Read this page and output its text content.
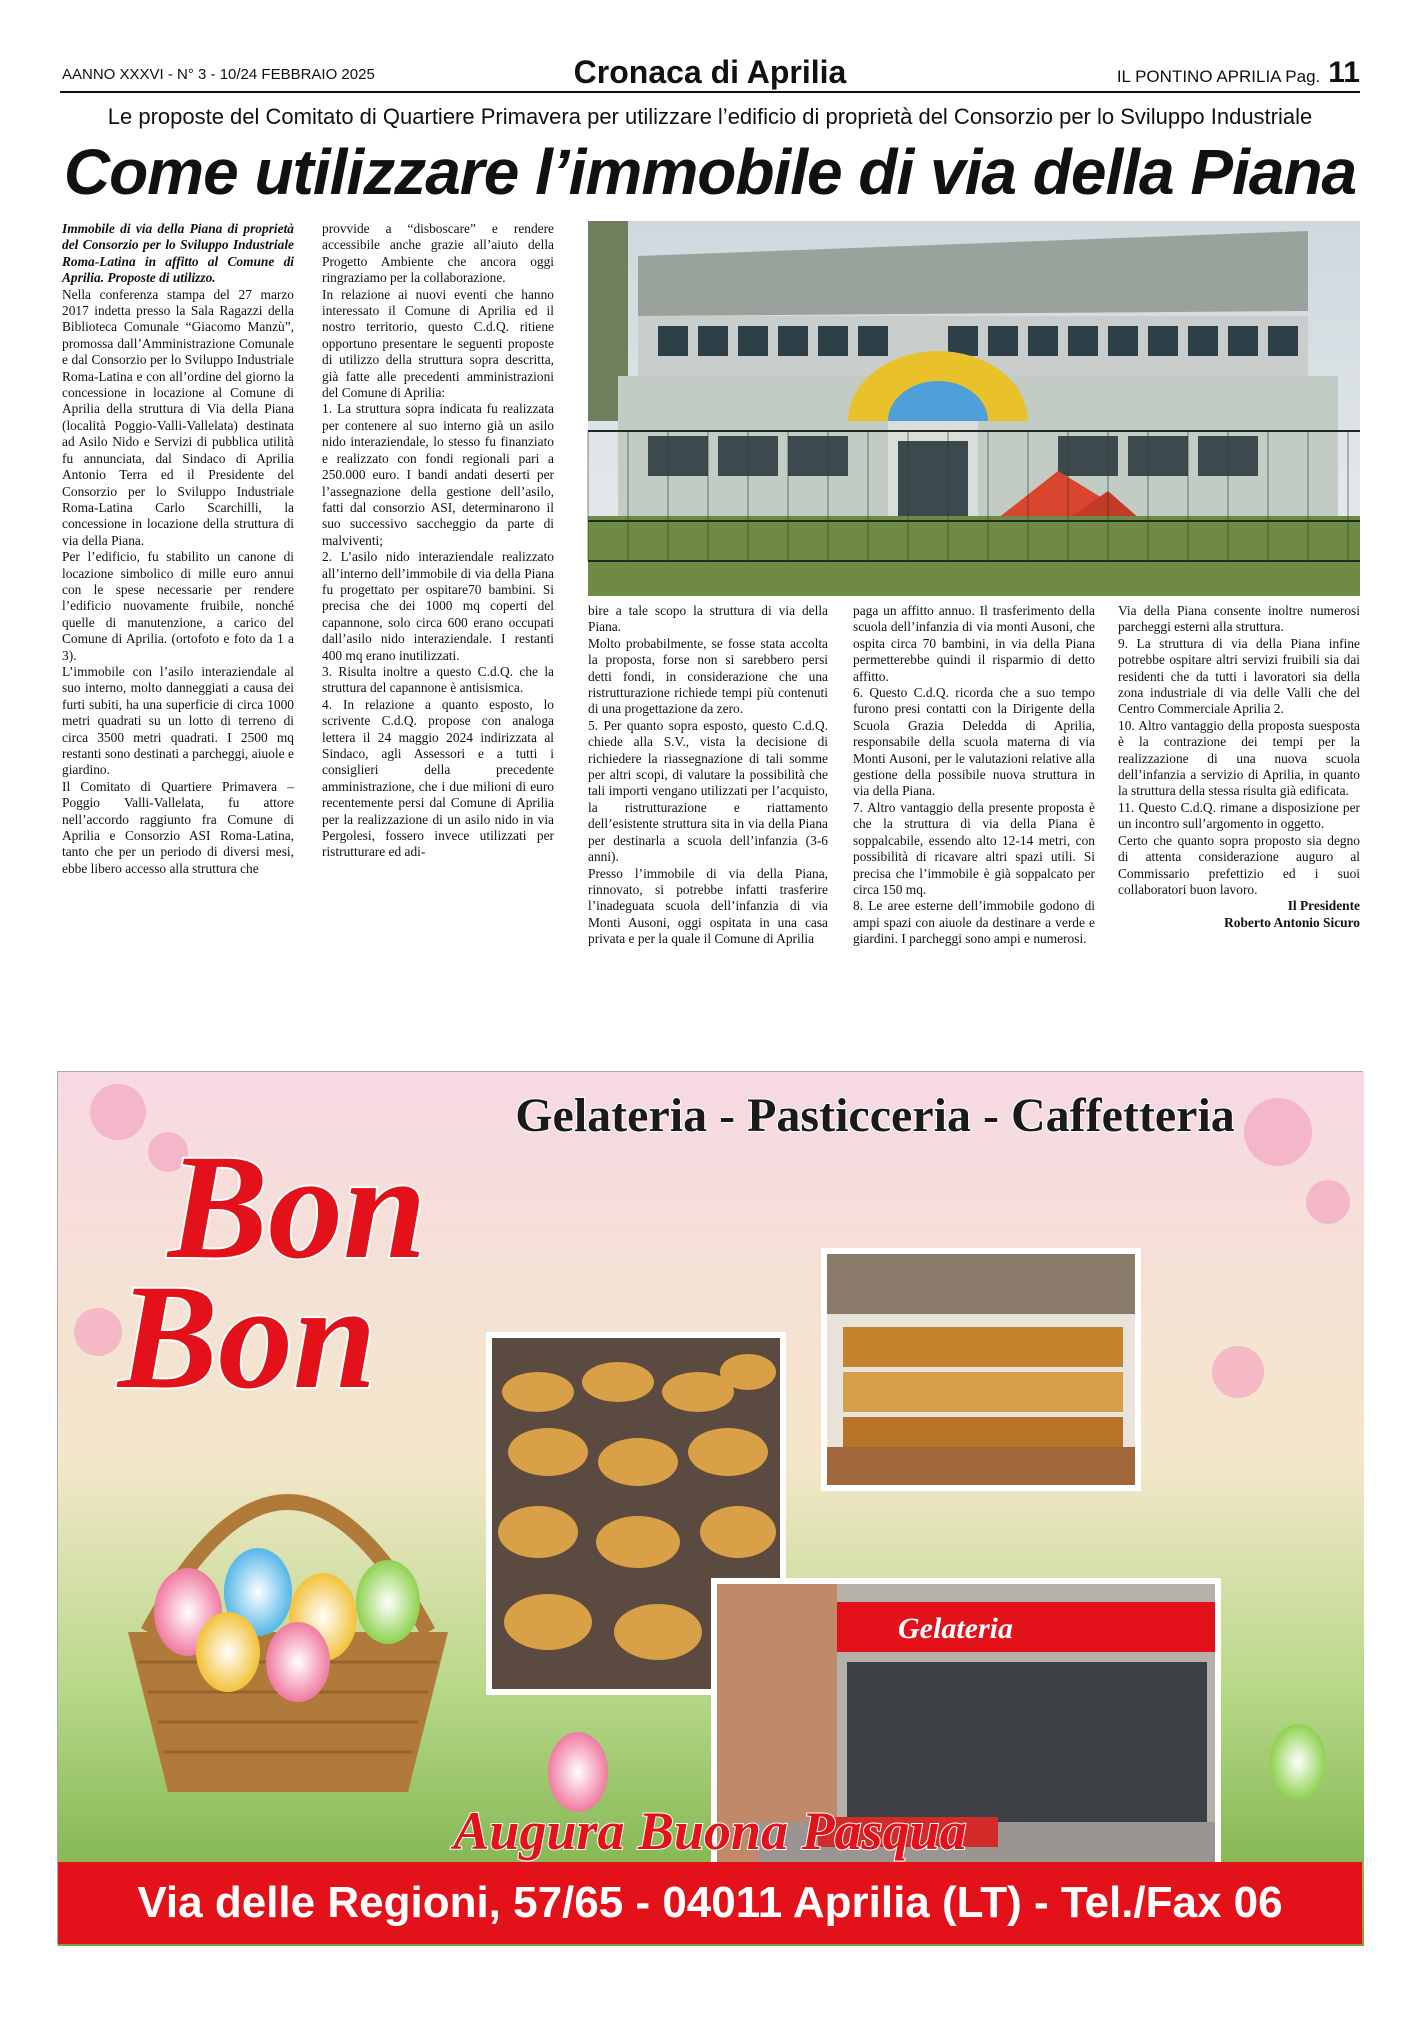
AANNO XXXVI - N° 3 - 10/24 FEBBRAIO 2025	Cronaca di Aprilia	IL PONTINO APRILIA Pag. 11
Le proposte del Comitato di Quartiere Primavera per utilizzare l’edificio di proprietà del Consorzio per lo Sviluppo Industriale
Come utilizzare l’immobile di via della Piana

Immobile di via della Piana di proprietà del Consorzio per lo Sviluppo Industriale Roma-Latina in affitto al Comune di Aprilia. Proposte di utilizzo.

Nella conferenza stampa del 27 marzo 2017 indetta presso la Sala Ragazzi della Biblioteca Comunale “Giacomo Manzù”, promossa dall’Amministrazione Comunale e dal Consorzio per lo Sviluppo Industriale Roma-Latina e con all’ordine del giorno la concessione in locazione al Comune di Aprilia della struttura di Via della Piana (località Poggio-Valli-Vallelata) destinata ad Asilo Nido e Servizi di pubblica utilità fu annunciata, dal Sindaco di Aprilia Antonio Terra ed il Presidente del Consorzio per lo Sviluppo Industriale Roma-Latina Carlo Scarchilli, la concessione in locazione della struttura di via della Piana.

Per l’edificio, fu stabilito un canone di locazione simbolico di mille euro annui con le spese necessarie per rendere l’edificio nuovamente fruibile, nonché quelle di manutenzione, a carico del Comune di Aprilia. (ortofoto e foto da 1 a 3).

L’immobile con l’asilo interaziendale al suo interno, molto danneggiati a causa dei furti subiti, ha una superficie di circa 1000 metri quadrati su un lotto di terreno di circa 3500 metri quadrati. I 2500 mq restanti sono destinati a parcheggi, aiuole e giardino.

Il Comitato di Quartiere Primavera – Poggio Valli-Vallelata, fu attore nell’accordo raggiunto fra Comune di Aprilia e Consorzio ASI Roma-Latina, tanto che per un periodo di diversi mesi, ebbe libero accesso alla struttura che

provvide a “disboscare” e rendere accessibile anche grazie all’aiuto della Progetto Ambiente che ancora oggi ringraziamo per la collaborazione.

In relazione ai nuovi eventi che hanno interessato il Comune di Aprilia ed il nostro territorio, questo C.d.Q. ritiene opportuno presentare le seguenti proposte di utilizzo della struttura sopra descritta, già fatte alle precedenti amministrazioni del Comune di Aprilia:

1. La struttura sopra indicata fu realizzata per contenere al suo interno già un asilo nido interaziendale, lo stesso fu finanziato e realizzato con fondi regionali pari a 250.000 euro. I bandi andati deserti per l’assegnazione della gestione dell’asilo, fatti dal consorzio ASI, determinarono il suo successivo saccheggio da parte di malviventi;

2. L’asilo nido interaziendale realizzato all’interno dell’immobile di via della Piana fu progettato per ospitare70 bambini. Si precisa che dei 1000 mq coperti del capannone, solo circa 600 erano occupati dall’asilo nido interaziendale. I restanti 400 mq erano inutilizzati.

3. Risulta inoltre a questo C.d.Q. che la struttura del capannone è antisismica.

4. In relazione a quanto esposto, lo scrivente C.d.Q. propose con analoga lettera il 24 maggio 2024 indirizzata al Sindaco, agli Assessori e a tutti i consiglieri della precedente amministrazione, che i due milioni di euro recentemente persi dal Comune di Aprilia per la realizzazione di un asilo nido in via Pergolesi, fossero invece utilizzati per ristrutturare ed adi-

bire a tale scopo la struttura di via della Piana.

Molto probabilmente, se fosse stata accolta la proposta, forse non si sarebbero persi detti fondi, in considerazione che una ristrutturazione richiede tempi più contenuti di una progettazione da zero.

5. Per quanto sopra esposto, questo C.d.Q. chiede alla S.V., vista la decisione di richiedere la riassegnazione di tali somme per altri scopi, di valutare la possibilità che tali importi vengano utilizzati per l’acquisto, la ristrutturazione e riattamento dell’esistente struttura sita in via della Piana per destinarla a scuola dell’infanzia (3-6 anni).

Presso l’immobile di via della Piana, rinnovato, si potrebbe infatti trasferire l’inadeguata scuola dell’infanzia di via Monti Ausoni, oggi ospitata in una casa privata e per la quale il Comune di Aprilia

paga un affitto annuo. Il trasferimento della scuola dell’infanzia di via monti Ausoni, che ospita circa 70 bambini, in via della Piana permetterebbe quindi il risparmio di detto affitto.

6. Questo C.d.Q. ricorda che a suo tempo furono presi contatti con la Dirigente della Scuola Grazia Deledda di Aprilia, responsabile della scuola materna di via Monti Ausoni, per le valutazioni relative alla gestione della possibile nuova struttura in via della Piana.

7. Altro vantaggio della presente proposta è che la struttura di via della Piana è soppalcabile, essendo alto 12-14 metri, con possibilità di ricavare altri spazi utili. Si precisa che l’immobile è già soppalcato per circa 150 mq.

8. Le aree esterne dell’immobile godono di ampi spazi con aiuole da destinare a verde e giardini. I parcheggi sono ampi e numerosi.

Via della Piana consente inoltre numerosi parcheggi esterni alla struttura.

9. La struttura di via della Piana infine potrebbe ospitare altri servizi fruibili sia dai residenti che da tutti i lavoratori sia della zona industriale di via delle Valli che del Centro Commerciale Aprilia 2.

10. Altro vantaggio della proposta suesposta è la contrazione dei tempi per la realizzazione di una nuova scuola dell’infanzia a servizio di Aprilia, in quanto la struttura della stessa risulta già edificata.

11. Questo C.d.Q. rimane a disposizione per un incontro sull’argomento in oggetto.

Certo che quanto sopra proposto sia degno di attenta considerazione auguro al Commissario prefettizio ed i suoi collaboratori buon lavoro.

Il Presidente

Roberto Antonio Sicuro

Gelateria
Gelateria - Pasticceria - Caffetteria
Bon
Bon
Augura Buona Pasqua
Via delle Regioni, 57/65 - 04011 Aprilia (LT) - Tel./Fax 06 92702526
